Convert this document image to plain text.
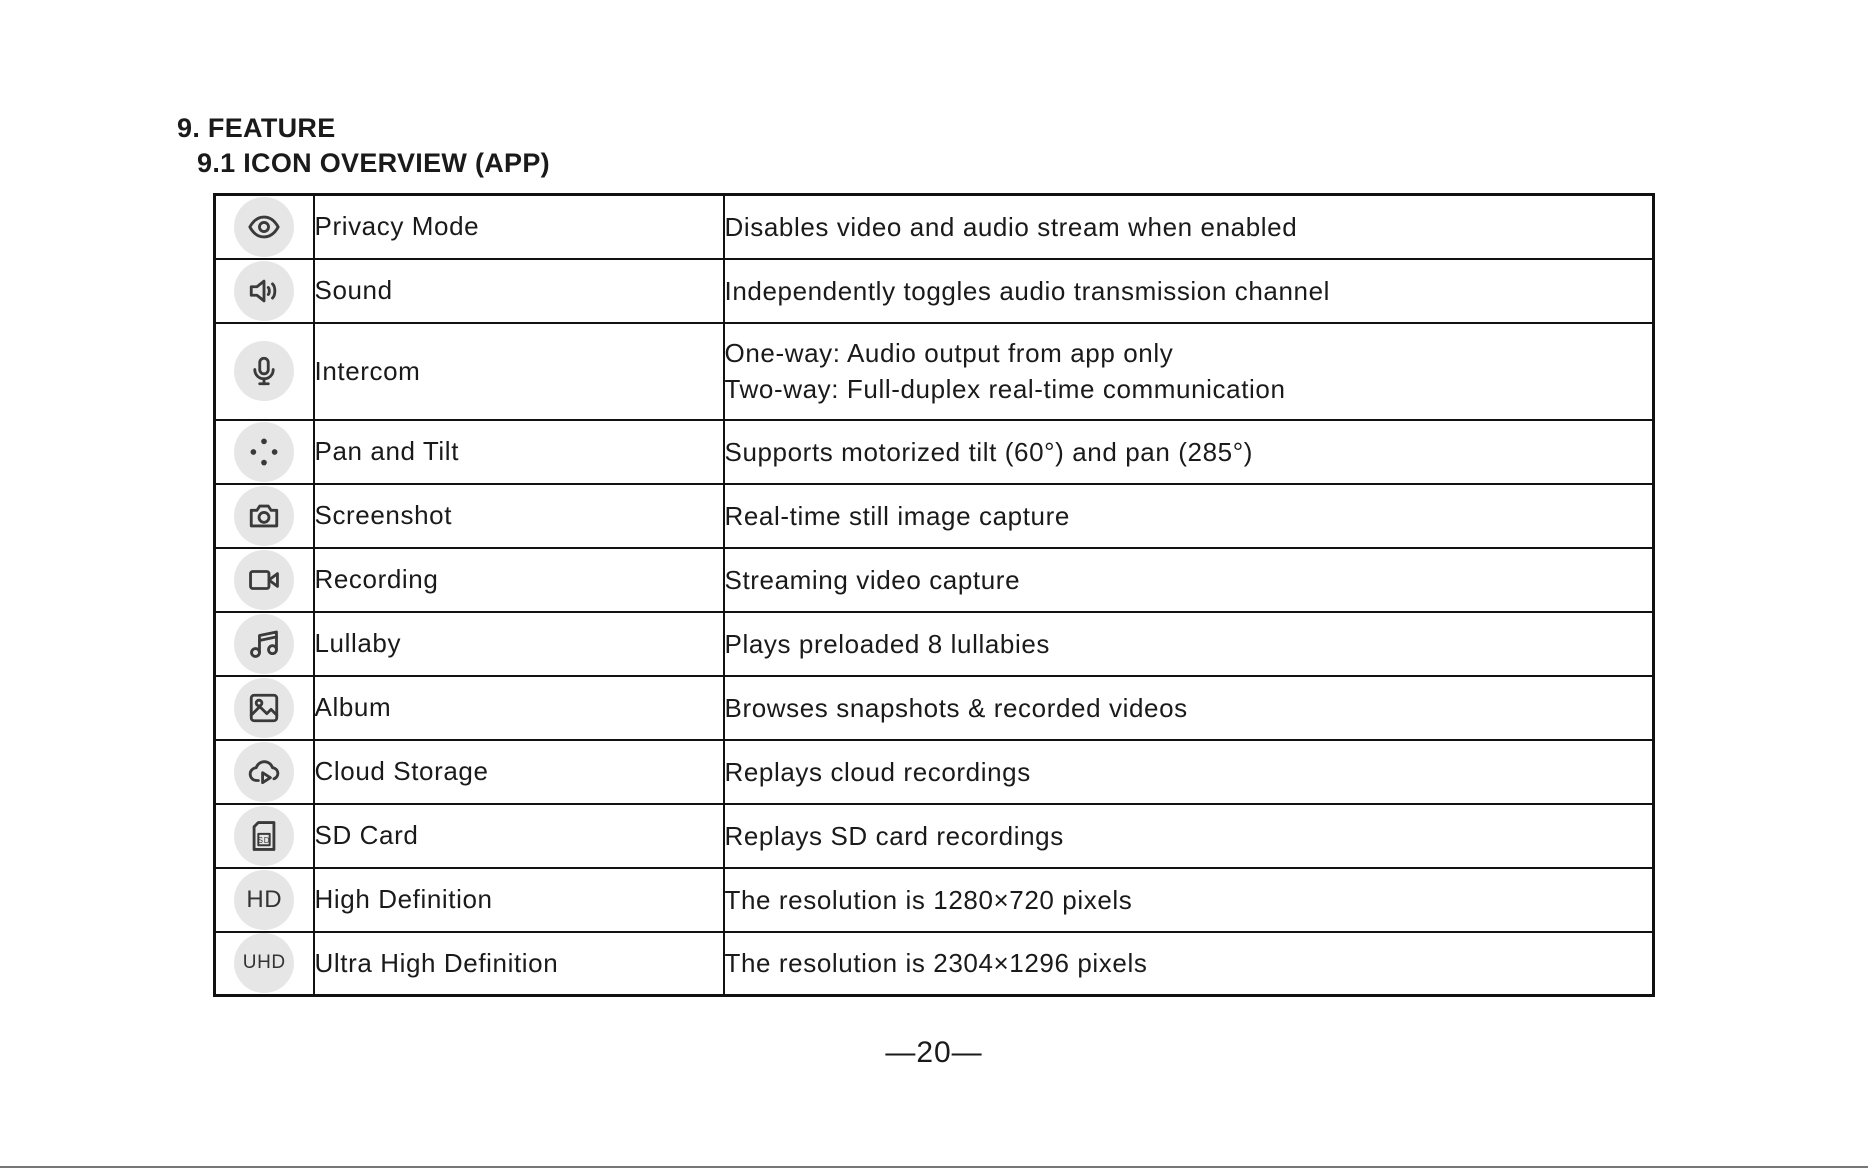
9. FEATURE
9.1 ICON OVERVIEW (APP)
	Privacy Mode	Disables video and audio stream when enabled

	Sound	Independently toggles audio transmission channel

	Intercom	One-way: Audio output from app only
Two-way: Full-duplex real-time communication

	Pan and Tilt	Supports motorized tilt (60°) and pan (285°)

	Screenshot	Real-time still image capture

	Recording	Streaming video capture

	Lullaby	Plays preloaded 8 lullabies

	Album	Browses snapshots & recorded videos

	Cloud Storage	Replays cloud recordings

SD	SD Card	Replays SD card recordings

HD	High Definition	The resolution is 1280×720 pixels

UHD	Ultra High Definition	The resolution is 2304×1296 pixels
—20—
